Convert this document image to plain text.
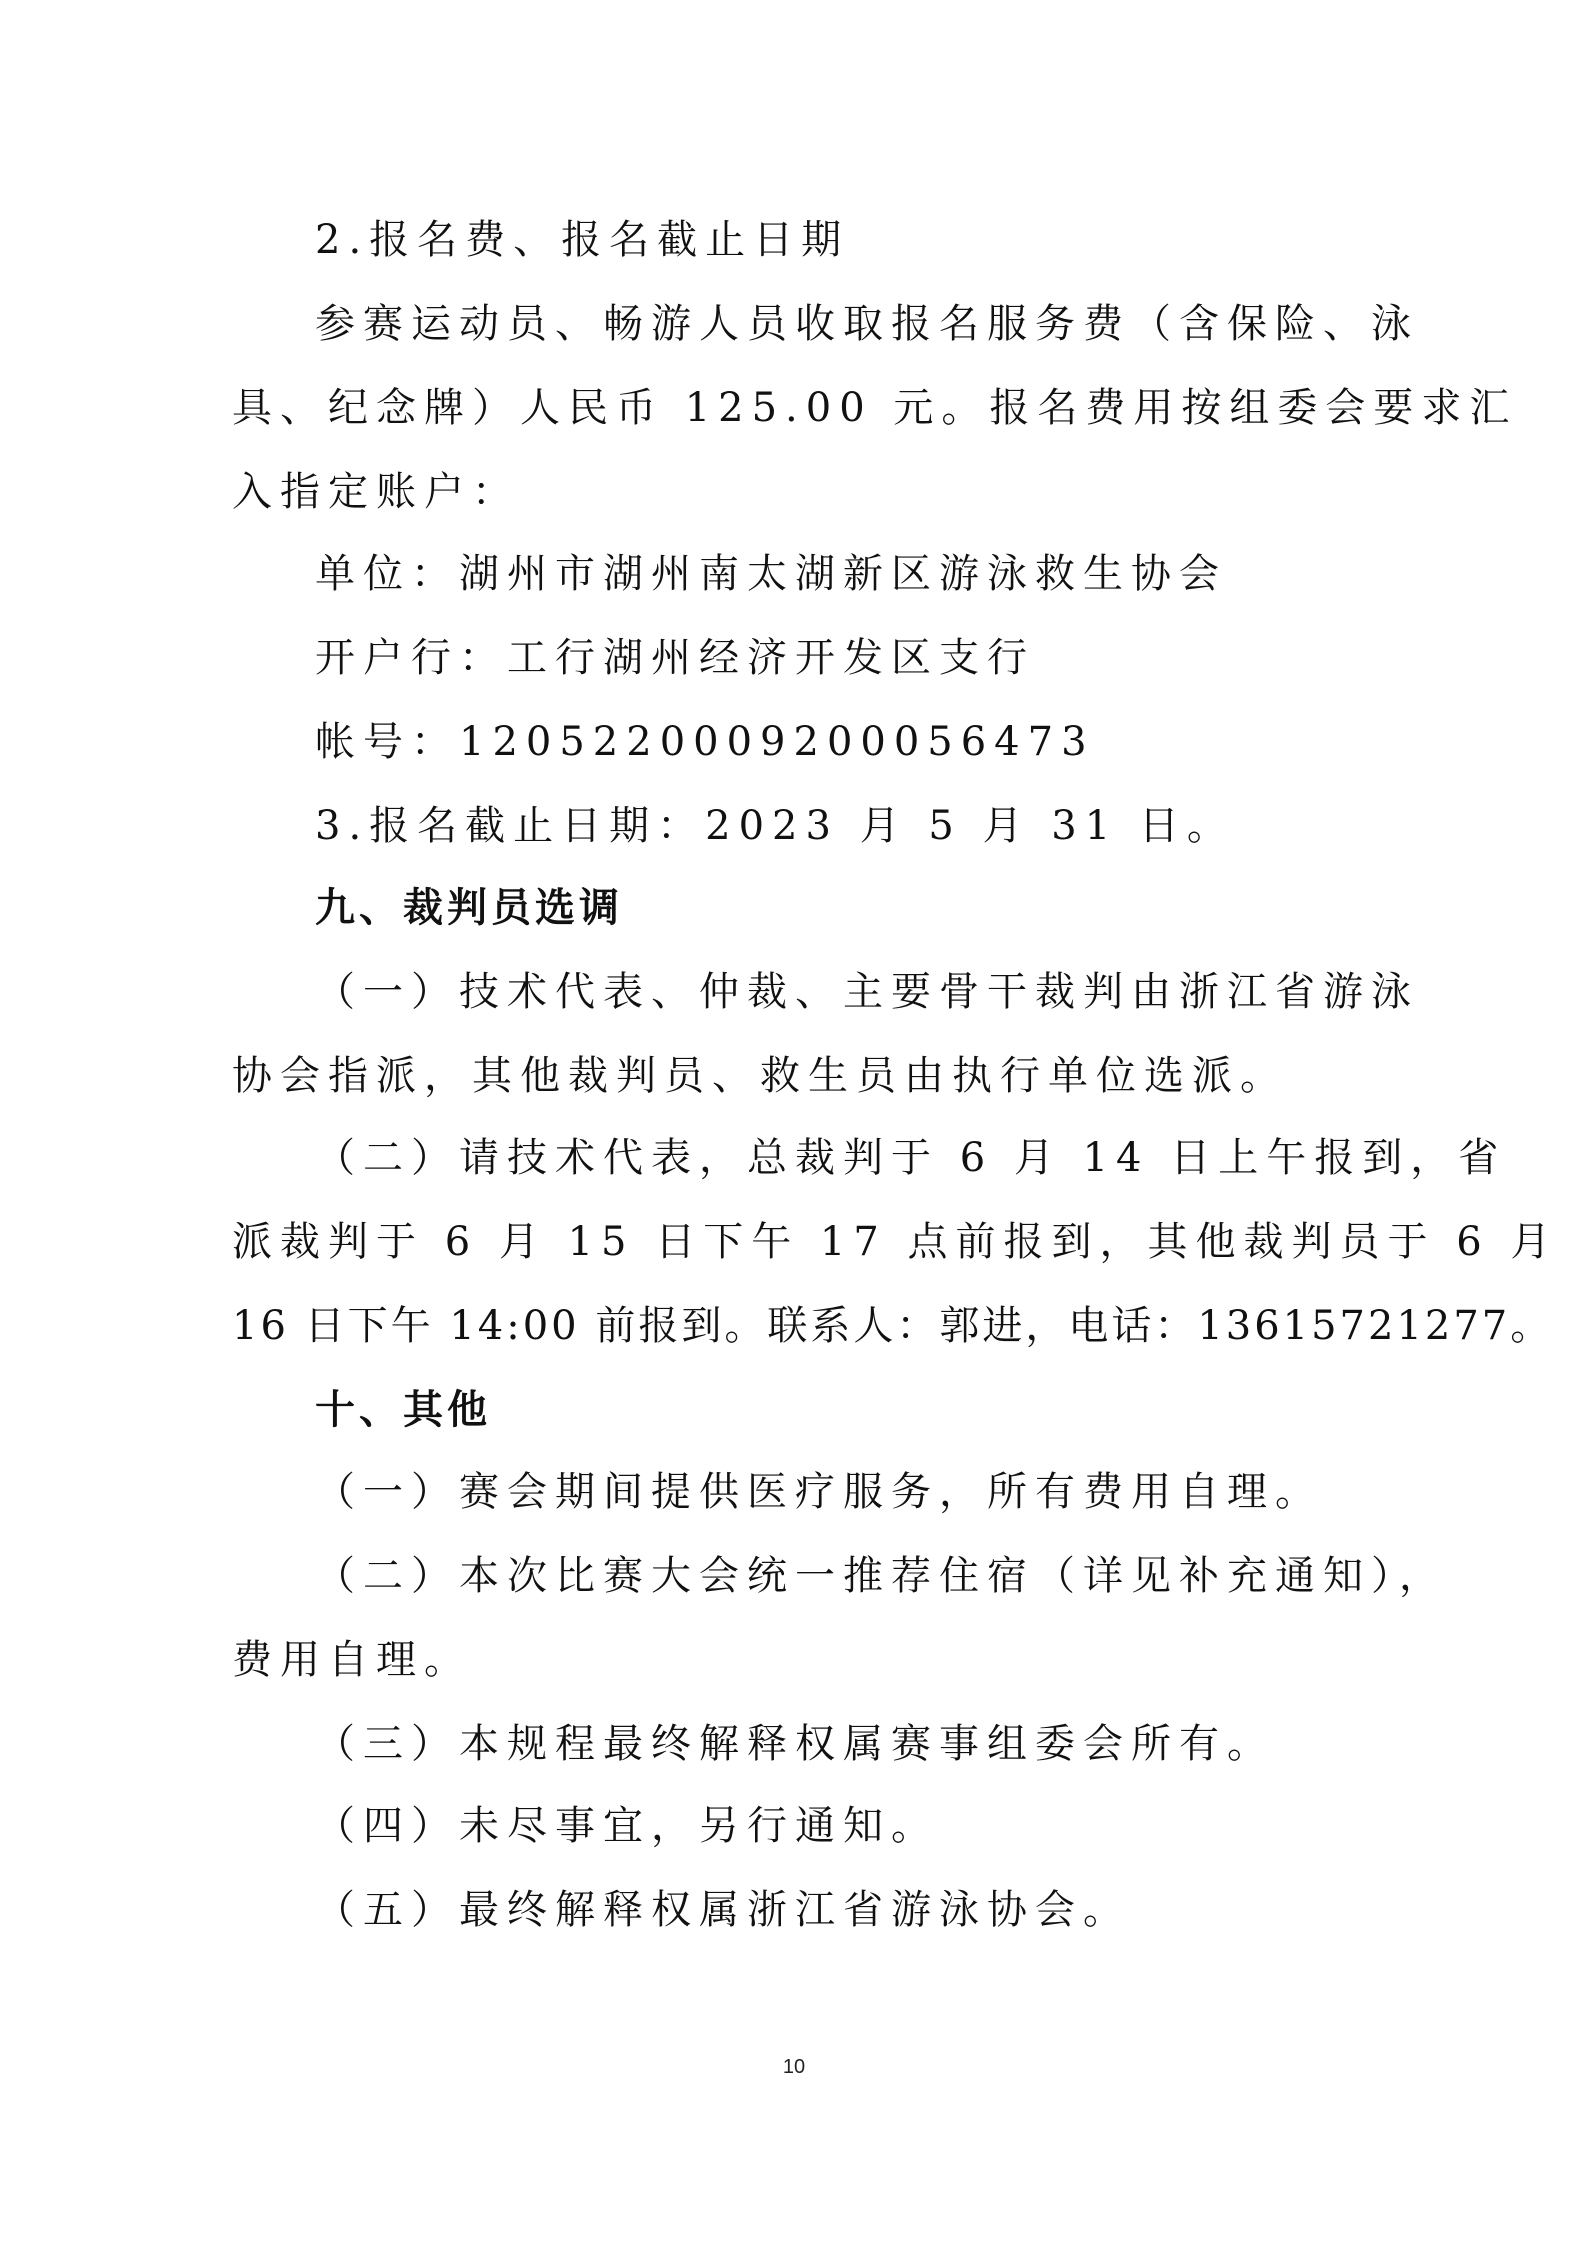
2.报名费、报名截止日期
参赛运动员、畅游人员收取报名服务费（含保险、泳
具、纪念牌）人民币 125.00 元。报名费用按组委会要求汇
入指定账户：
单位：湖州市湖州南太湖新区游泳救生协会
开户行：工行湖州经济开发区支行
帐号：1205220009200056473
3.报名截止日期：2023 月 5 月 31 日。
九、裁判员选调
（一）技术代表、仲裁、主要骨干裁判由浙江省游泳
协会指派，其他裁判员、救生员由执行单位选派。
（二）请技术代表，总裁判于 6 月 14 日上午报到，省
派裁判于 6 月 15 日下午 17 点前报到，其他裁判员于 6 月
16 日下午 14:00 前报到。联系人：郭进，电话：13615721277。
十、其他
（一）赛会期间提供医疗服务，所有费用自理。
（二）本次比赛大会统一推荐住宿（详见补充通知），
费用自理。
（三）本规程最终解释权属赛事组委会所有。
（四）未尽事宜，另行通知。
（五）最终解释权属浙江省游泳协会。
10
